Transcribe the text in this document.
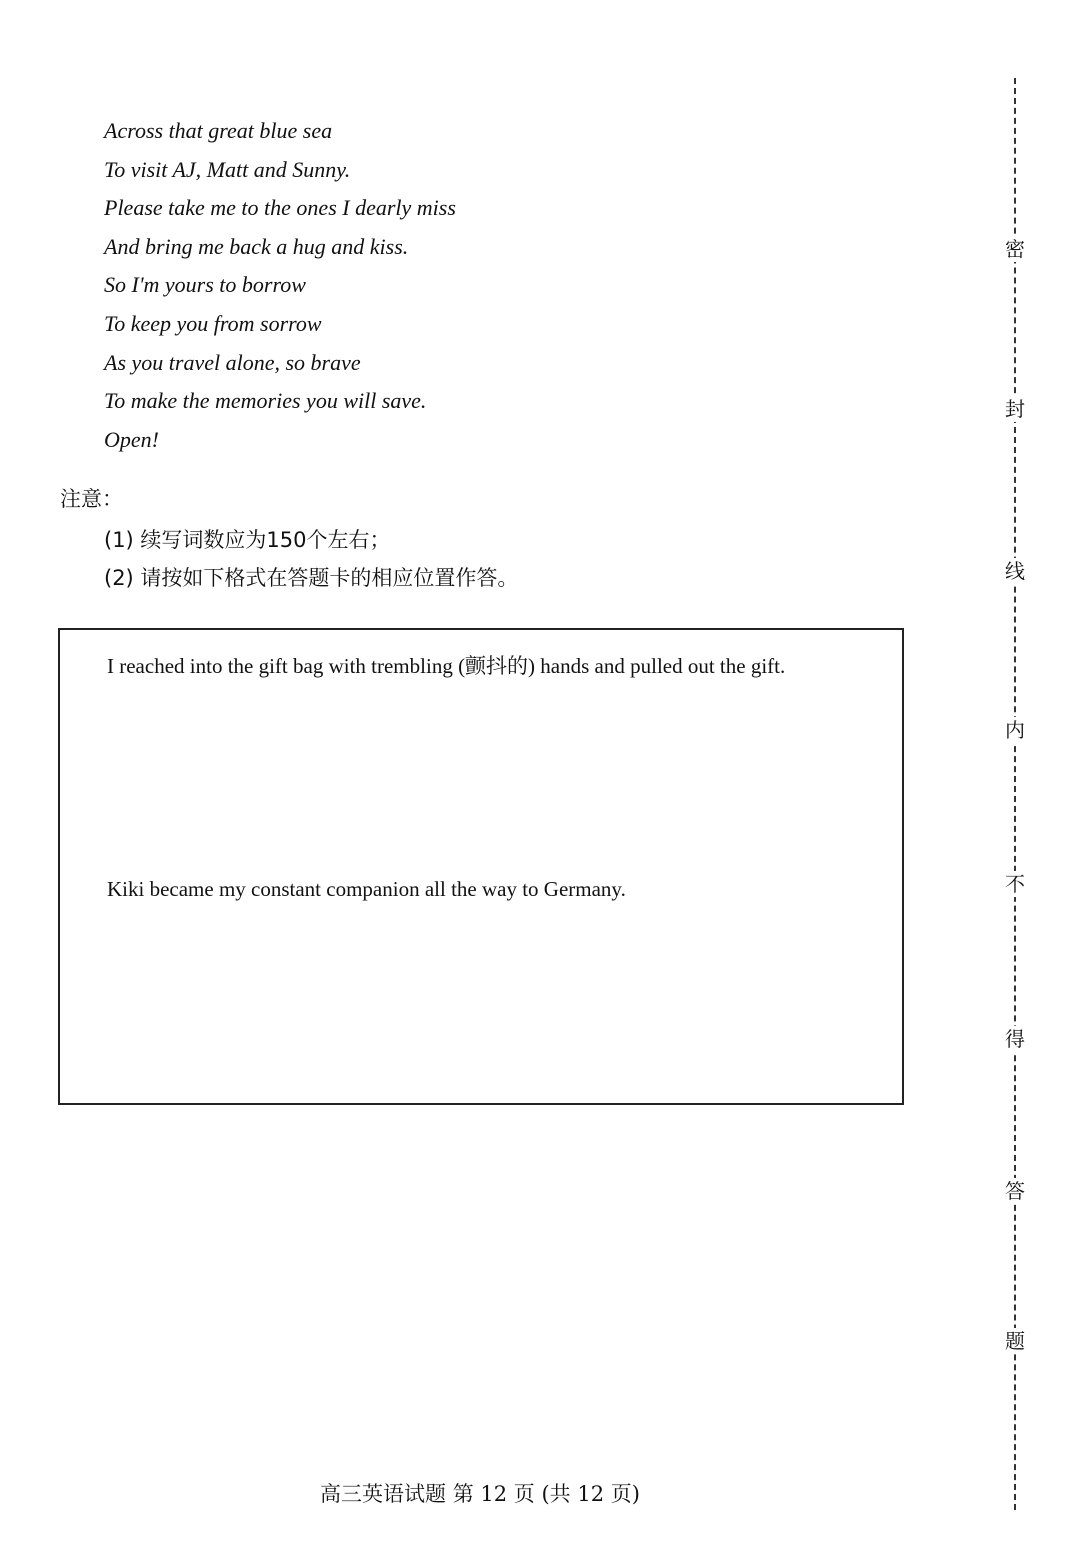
Across that great blue sea
To visit AJ, Matt and Sunny.
Please take me to the ones I dearly miss
And bring me back a hug and kiss.
So I'm yours to borrow
To keep you from sorrow
As you travel alone, so brave
To make the memories you will save.
Open!
注意：
(1) 续写词数应为150个左右；
(2) 请按如下格式在答题卡的相应位置作答。
I reached into the gift bag with trembling (颤抖的) hands and pulled out the gift.
Kiki became my constant companion all the way to Germany.
密
封
线
内
不
得
答
题
高三英语试题 第 12 页 (共 12 页)
